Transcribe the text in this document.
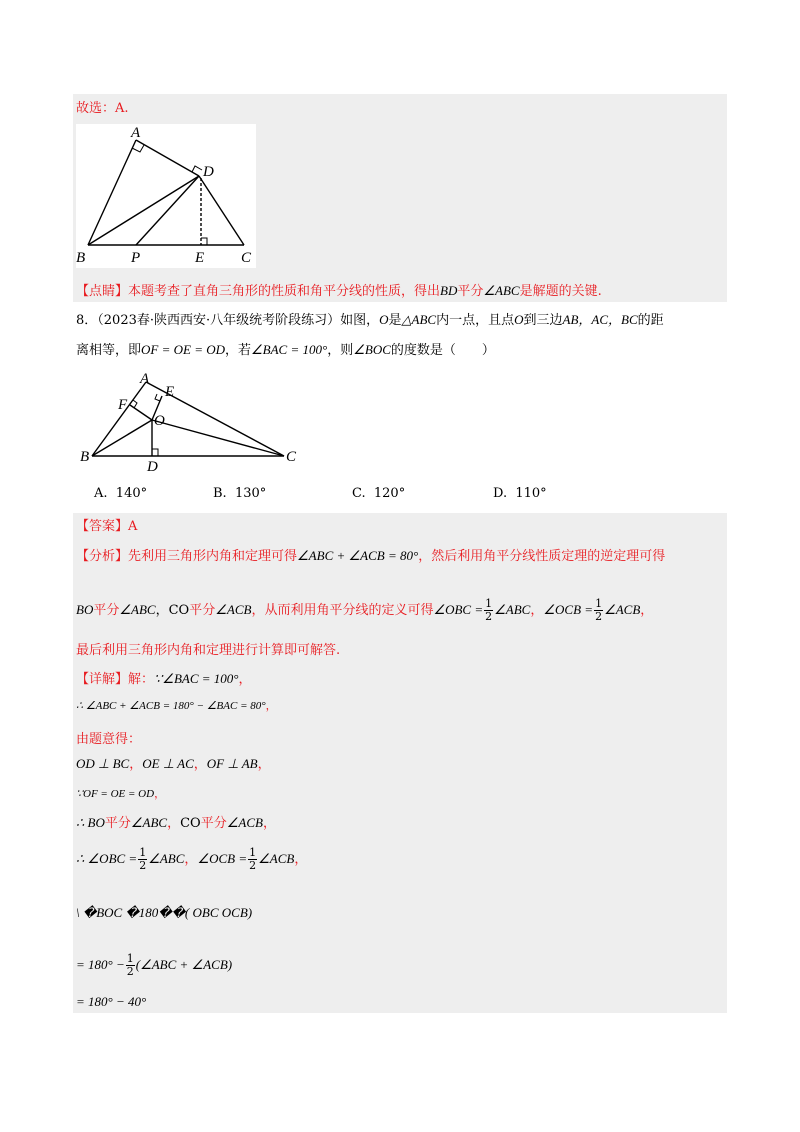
故选：A.
A
D
B	P	E C
【点睛】本题考查了直角三角形的性质和角平分线的性质，得出BD平分∠ABC是解题的关键.
8．（2023春·陕西西安·八年级统考阶段练习）如图，O是△ABC内一点，且点O到三边AB，AC，BC的距
离相等，即OF = OE = OD，若∠BAC = 100°，则∠BOC的度数是（　　）
A
E
F
O
B
D
C
A. 140°	B. 130°	C. 120°	D. 110°
【答案】A
【分析】先利用三角形内角和定理可得∠ABC + ∠ACB = 80°，然后利用角平分线性质定理的逆定理可得
BO平分∠ABC，CO平分∠ACB，从而利用角平分线的定义可得∠OBC = $\frac{1}{2}$ ∠ABC，∠OCB = $\frac{1}{2}$ ∠ACB，
最后利用三角形内角和定理进行计算即可解答.
【详解】解：∵∠BAC = 100°，
∴ ∠ABC + ∠ACB = 180° − ∠BAC = 80°，
由题意得：
OD ⊥ BC，OE ⊥ AC，OF ⊥ AB，
∵OF = OE = OD，
∴ BO平分∠ABC，CO平分∠ACB，
∴ ∠OBC = $\frac{1}{2}$ ∠ABC，∠OCB = $\frac{1}{2}$ ∠ACB，
\ �BOC �180��( OBC OCB)
= $180^\circ - \frac{1}{2}$ (∠ABC + ∠ACB)
= 180° − 40°
